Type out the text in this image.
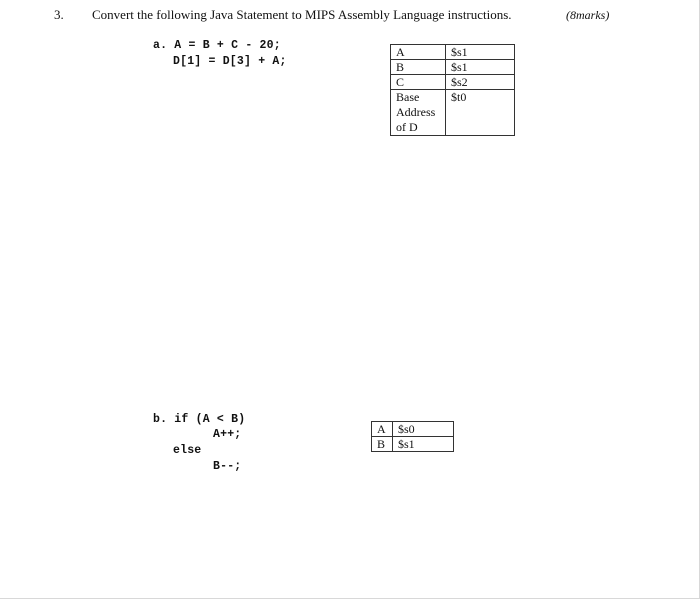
3. Convert the following Java Statement to MIPS Assembly Language instructions.	(8marks)
a. A = B + C - 20;
D[1] = D[3] + A;
A	$s1
B	$s1
C	$s2
Base Address of D	$t0
b. if (A < B)
A++;
else
B--;
A	$s0
B	$s1
